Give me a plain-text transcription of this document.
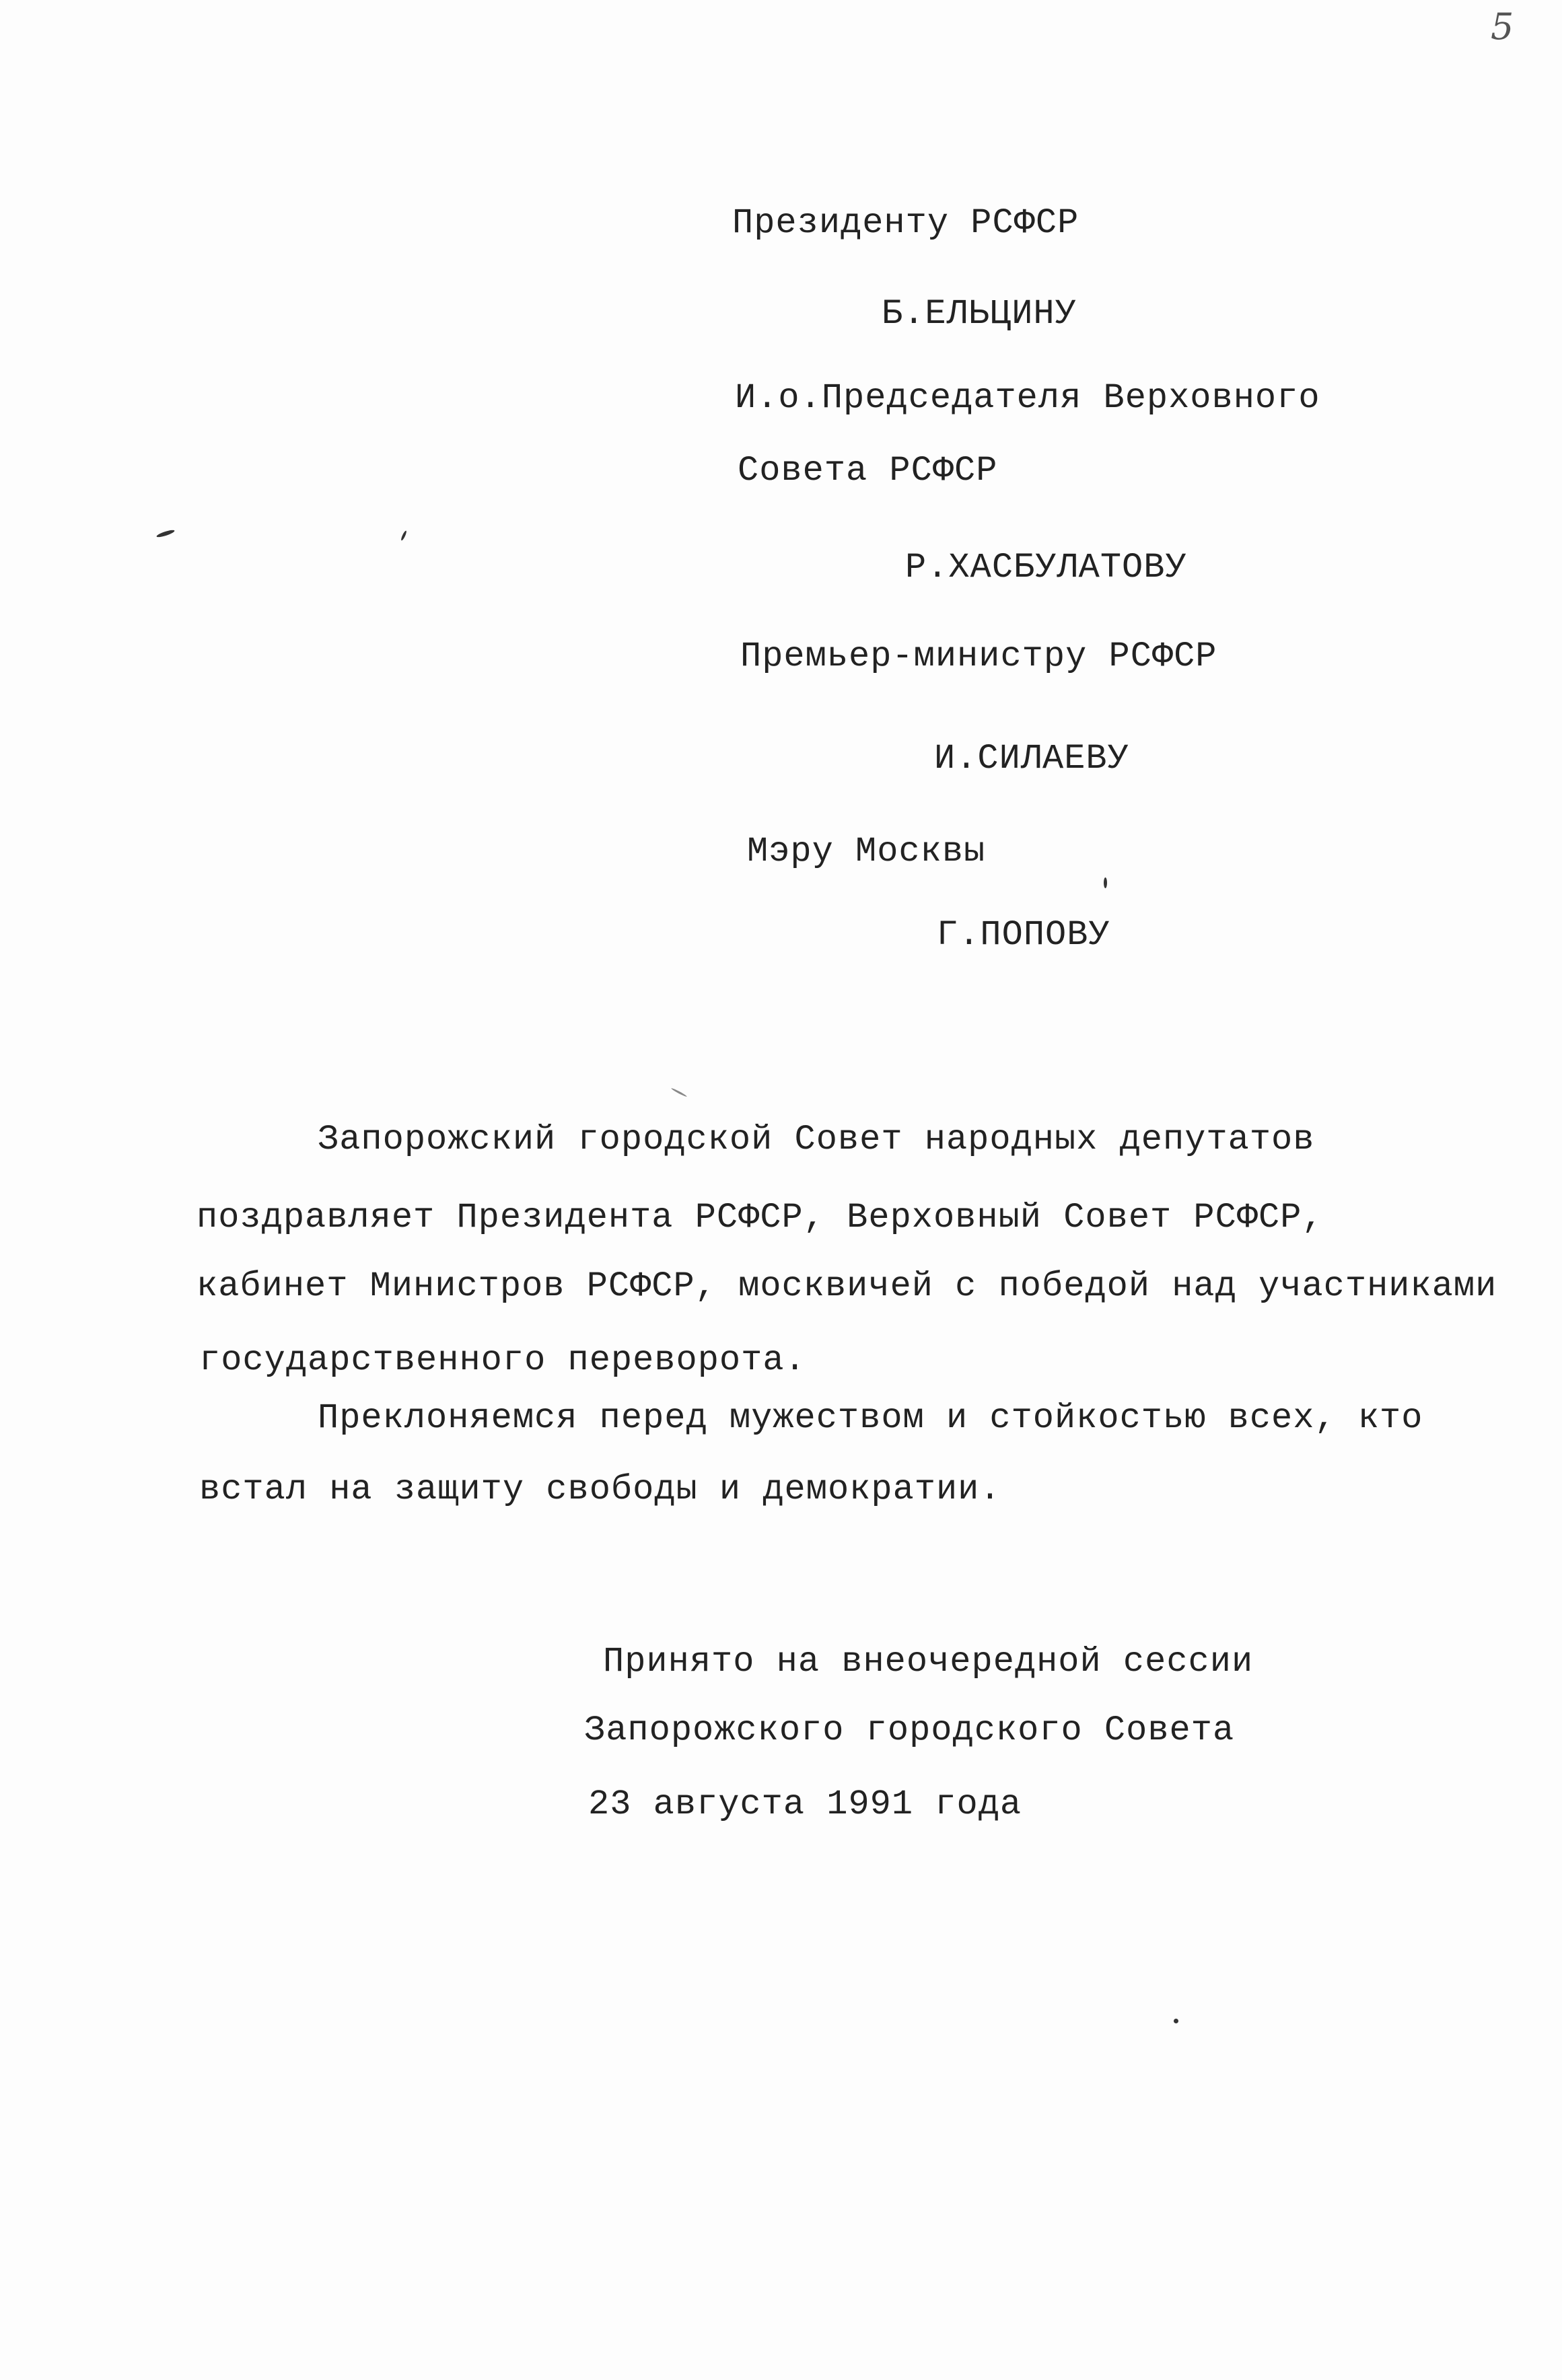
5
Президенту РСФСР
Б.ЕЛЬЦИНУ
И.о.Председателя Верховного
Совета РСФСР
Р.ХАСБУЛАТОВУ
Премьер-министру РСФСР
И.СИЛАЕВУ
Мэру Москвы
Г.ПОПОВУ
Запорожский городской Совет народных депутатов
поздравляет Президента РСФСР, Верховный Совет РСФСР,
кабинет Министров РСФСР, москвичей с победой над участниками
государственного переворота.
Преклоняемся перед мужеством и стойкостью всех, кто
встал на защиту свободы и демократии.
Принято на внеочередной сессии
Запорожского городского Совета
23 августа 1991 года
